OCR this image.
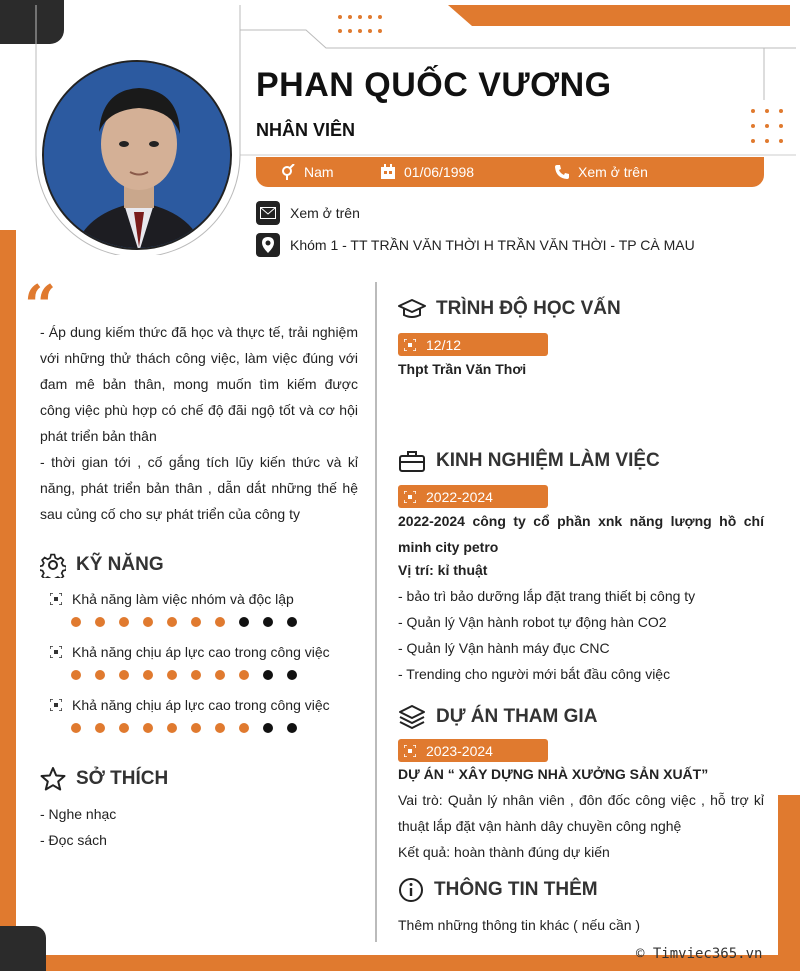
PHAN QUỐC VƯƠNG
NHÂN VIÊN
Nam	01/06/1998	Xem ở trên
Xem ở trên
Khóm 1 - TT TRẦN VĂN THỜI H TRẦN VĂN THỜI - TP CÀ MAU
“

- Áp dung kiếm thức đã học và thực tế, trải nghiệm với những thử thách công việc, làm việc đúng với đam mê bản thân, mong muốn tìm kiếm được công việc phù hợp có chế độ đãi ngộ tốt và cơ hội phát triển bản thân

- thời gian tới , cố gắng tích lũy kiến thức và kỉ năng, phát triển bản thân , dẫn dắt những thế hệ sau củng cố cho sự phát triển của công ty

KỸ NĂNG
Khả năng làm việc nhóm và độc lập
Khả năng chịu áp lực cao trong công việc
Khả năng chịu áp lực cao trong công việc
SỞ THÍCH
- Nghe nhạc
- Đọc sách
TRÌNH ĐỘ HỌC VẤN
12/12
Thpt Trần Văn Thơi
KINH NGHIỆM LÀM VIỆC
2022-2024
2022-2024 công ty cổ phần xnk năng lượng hồ chí minh city petro
Vị trí: kỉ thuật
- bảo trì bảo dưỡng lắp đặt trang thiết bị công ty
- Quản lý Vận hành robot tự động hàn CO2
- Quản lý Vận hành máy đục CNC
- Trending cho người mới bắt đầu công việc
DỰ ÁN THAM GIA
2023-2024
DỰ ÁN “ XÂY DỰNG NHÀ XƯỞNG SẢN XUẤT”
Vai trò: Quản lý nhân viên , đôn đốc công việc , hỗ trợ kỉ thuật lắp đặt vận hành dây chuyền công nghệ
Kết quả: hoàn thành đúng dự kiến
THÔNG TIN THÊM
Thêm những thông tin khác ( nếu cần )
© Timviec365.vn
